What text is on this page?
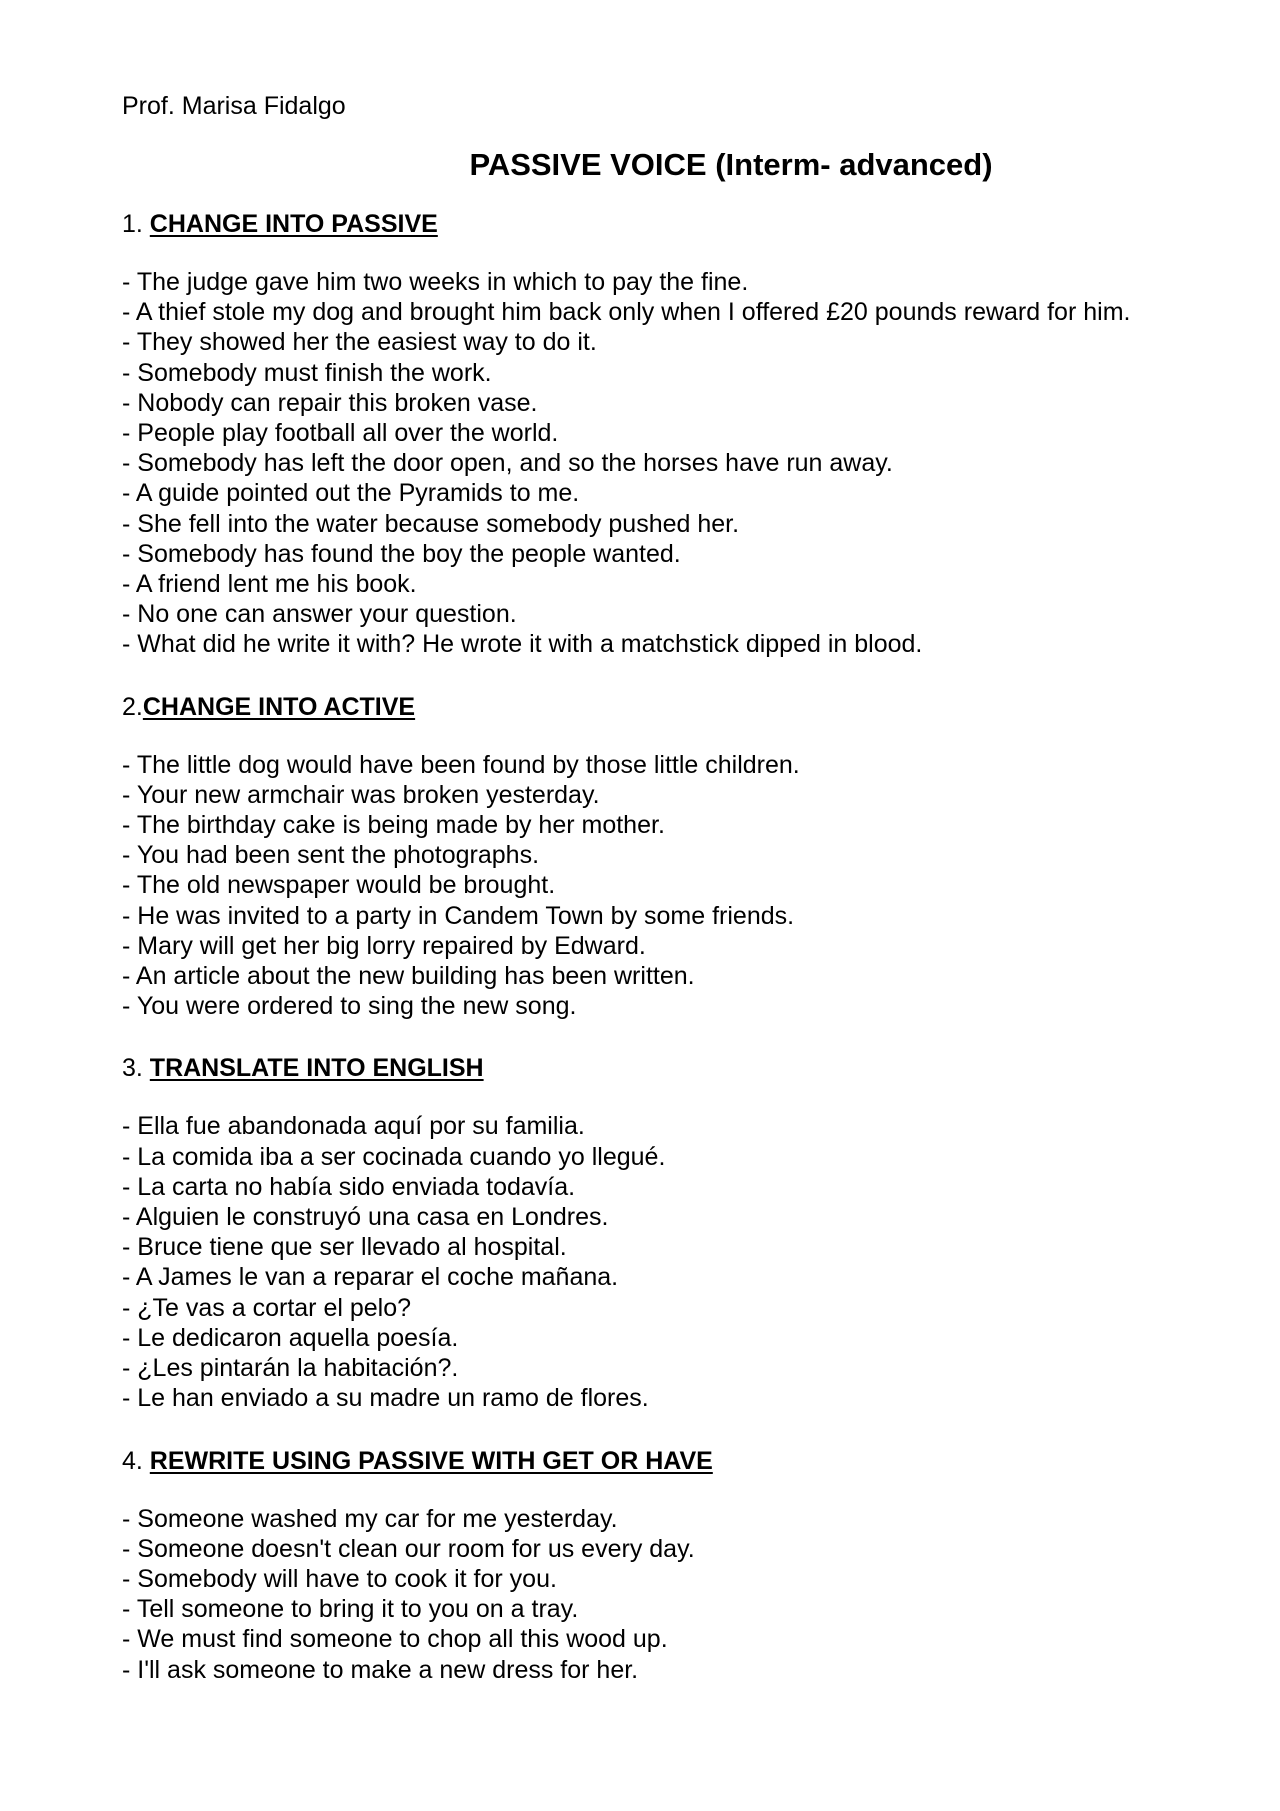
Prof. Marisa Fidalgo

PASSIVE VOICE (Interm- advanced)

1. CHANGE INTO PASSIVE

- The judge gave him two weeks in which to pay the fine.
- A thief stole my dog and brought him back only when I offered £20 pounds reward for him.
- They showed her the easiest way to do it.
- Somebody must finish the work.
- Nobody can repair this broken vase.
- People play football all over the world.
- Somebody has left the door open, and so the horses have run away.
- A guide pointed out the Pyramids to me.
- She fell into the water because somebody pushed her.
- Somebody has found the boy the people wanted.
- A friend lent me his book.
- No one can answer your question.
- What did he write it with? He wrote it with a matchstick dipped in blood.

2.CHANGE INTO ACTIVE

- The little dog would have been found by those little children.
- Your new armchair was broken yesterday.
- The birthday cake is being made by her mother.
- You had been sent the photographs.
- The old newspaper would be brought.
- He was invited to a party in Candem Town by some friends.
- Mary will get her big lorry repaired by Edward.
- An article about the new building has been written.
- You were ordered to sing the new song.

3. TRANSLATE INTO ENGLISH

- Ella fue abandonada aquí por su familia.
- La comida iba a ser cocinada cuando yo llegué.
- La carta no había sido enviada todavía.
- Alguien le construyó una casa en Londres.
- Bruce tiene que ser llevado al hospital.
- A James le van a reparar el coche mañana.
- ¿Te vas a cortar el pelo?
- Le dedicaron aquella poesía.
- ¿Les pintarán la habitación?.
- Le han enviado a su madre un ramo de flores.

4. REWRITE USING PASSIVE WITH GET OR HAVE

- Someone washed my car for me yesterday.
- Someone doesn't clean our room for us every day.
- Somebody will have to cook it for you.
- Tell someone to bring it to you on a tray.
- We must find someone to chop all this wood up.
- I'll ask someone to make a new dress for her.
